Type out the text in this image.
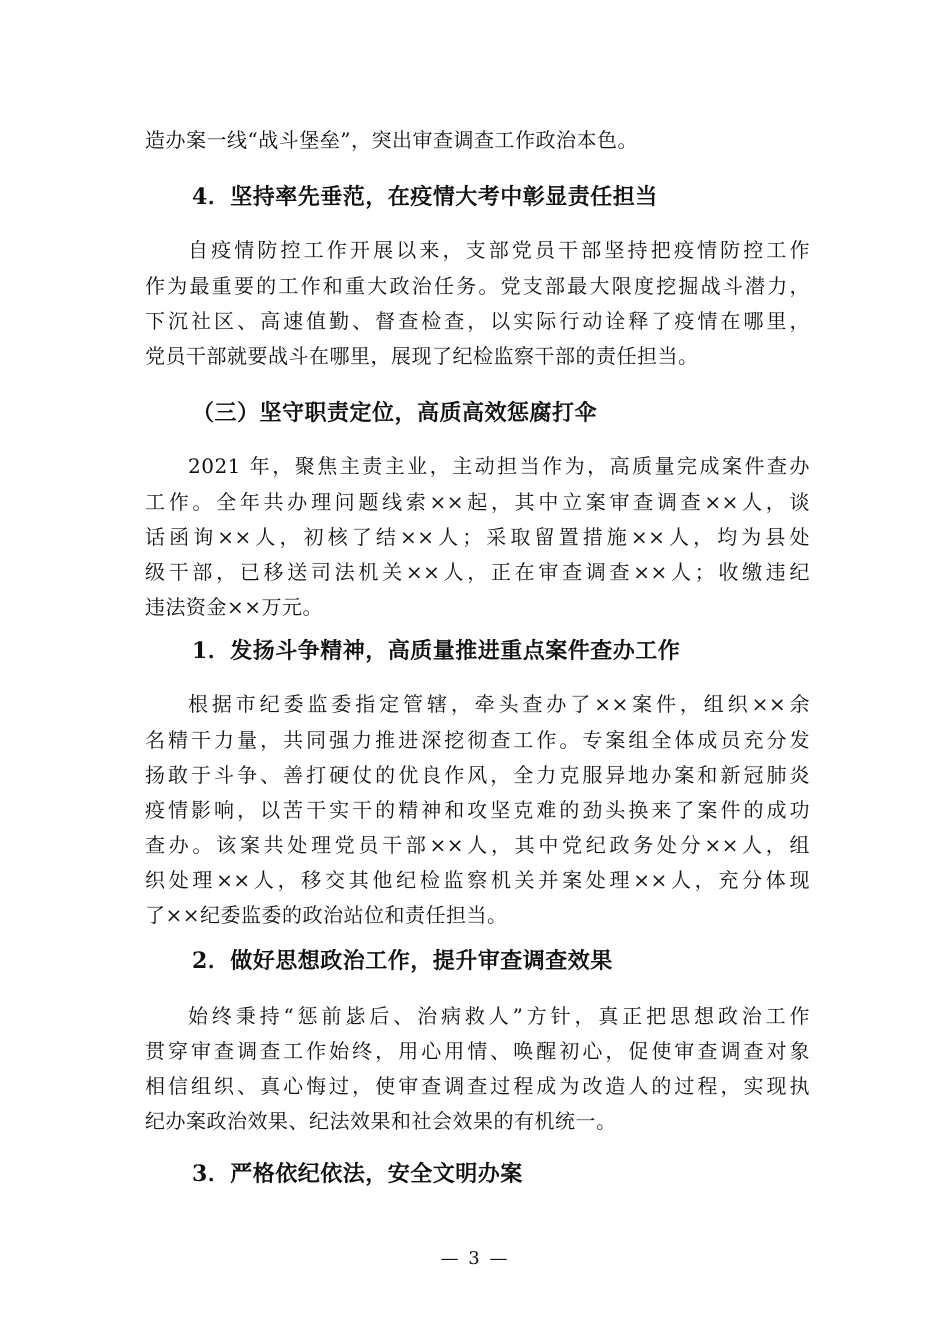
造办案一线“战斗堡垒”，突出审查调查工作政治本色。
4．坚持率先垂范，在疫情大考中彰显责任担当
自疫情防控工作开展以来，支部党员干部坚持把疫情防控工作
作为最重要的工作和重大政治任务。党支部最大限度挖掘战斗潜力，
下沉社区、高速值勤、督查检查，以实际行动诠释了疫情在哪里，
党员干部就要战斗在哪里，展现了纪检监察干部的责任担当。
（三）坚守职责定位，高质高效惩腐打伞
2021 年，聚焦主责主业，主动担当作为，高质量完成案件查办
工作。全年共办理问题线索××起，其中立案审查调查××人，谈
话函询××人，初核了结××人；采取留置措施××人，均为县处
级干部，已移送司法机关××人，正在审查调查××人；收缴违纪
违法资金××万元。
1．发扬斗争精神，高质量推进重点案件查办工作
根据市纪委监委指定管辖，牵头查办了××案件，组织××余
名精干力量，共同强力推进深挖彻查工作。专案组全体成员充分发
扬敢于斗争、善打硬仗的优良作风，全力克服异地办案和新冠肺炎
疫情影响，以苦干实干的精神和攻坚克难的劲头换来了案件的成功
查办。该案共处理党员干部××人，其中党纪政务处分××人，组
织处理××人，移交其他纪检监察机关并案处理××人，充分体现
了××纪委监委的政治站位和责任担当。
2．做好思想政治工作，提升审查调查效果
始终秉持“惩前毖后、治病救人”方针，真正把思想政治工作
贯穿审查调查工作始终，用心用情、唤醒初心，促使审查调查对象
相信组织、真心悔过，使审查调查过程成为改造人的过程，实现执
纪办案政治效果、纪法效果和社会效果的有机统一。
3．严格依纪依法，安全文明办案
— 3 —
